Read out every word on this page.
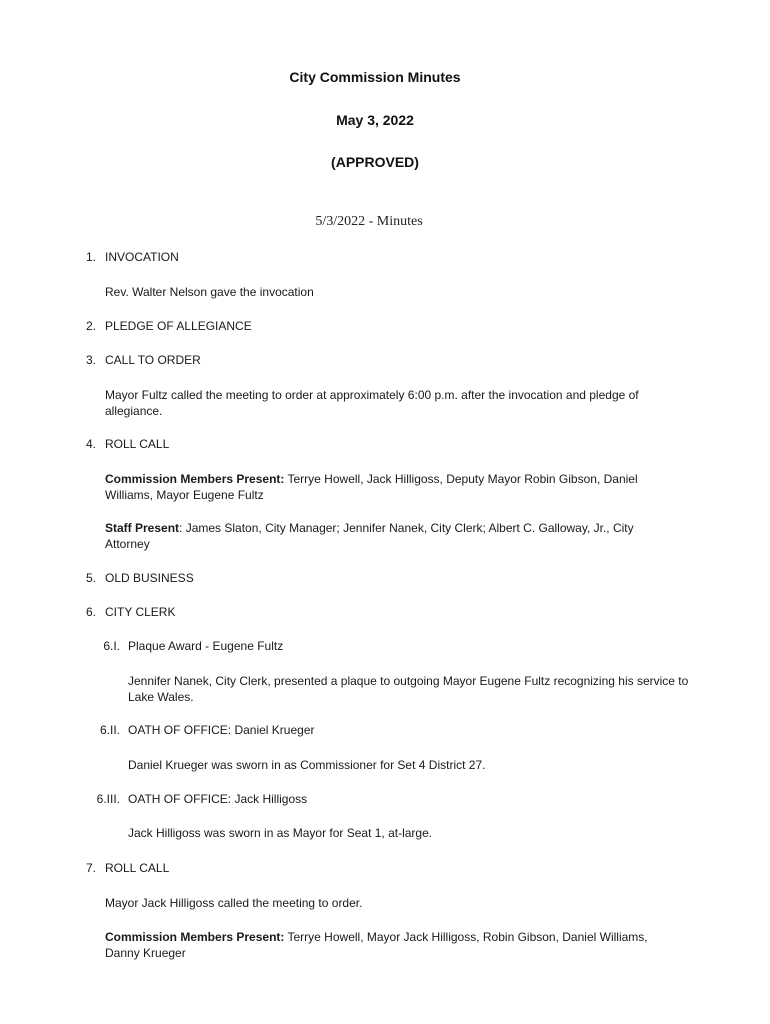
City Commission Minutes
May 3, 2022
(APPROVED)
5/3/2022 - Minutes
1. INVOCATION
Rev. Walter Nelson gave the invocation
2. PLEDGE OF ALLEGIANCE
3. CALL TO ORDER
Mayor Fultz called the meeting to order at approximately 6:00 p.m. after the invocation and pledge of allegiance.
4. ROLL CALL
Commission Members Present: Terrye Howell, Jack Hilligoss, Deputy Mayor Robin Gibson, Daniel Williams, Mayor Eugene Fultz
Staff Present: James Slaton, City Manager; Jennifer Nanek, City Clerk; Albert C. Galloway, Jr., City Attorney
5. OLD BUSINESS
6. CITY CLERK
6.I. Plaque Award - Eugene Fultz
Jennifer Nanek, City Clerk, presented a plaque to outgoing Mayor Eugene Fultz recognizing his service to Lake Wales.
6.II. OATH OF OFFICE: Daniel Krueger
Daniel Krueger was sworn in as Commissioner for Set 4 District 27.
6.III. OATH OF OFFICE: Jack Hilligoss
Jack Hilligoss was sworn in as Mayor for Seat 1, at-large.
7. ROLL CALL
Mayor Jack Hilligoss called the meeting to order.
Commission Members Present: Terrye Howell, Mayor Jack Hilligoss, Robin Gibson, Daniel Williams, Danny Krueger
